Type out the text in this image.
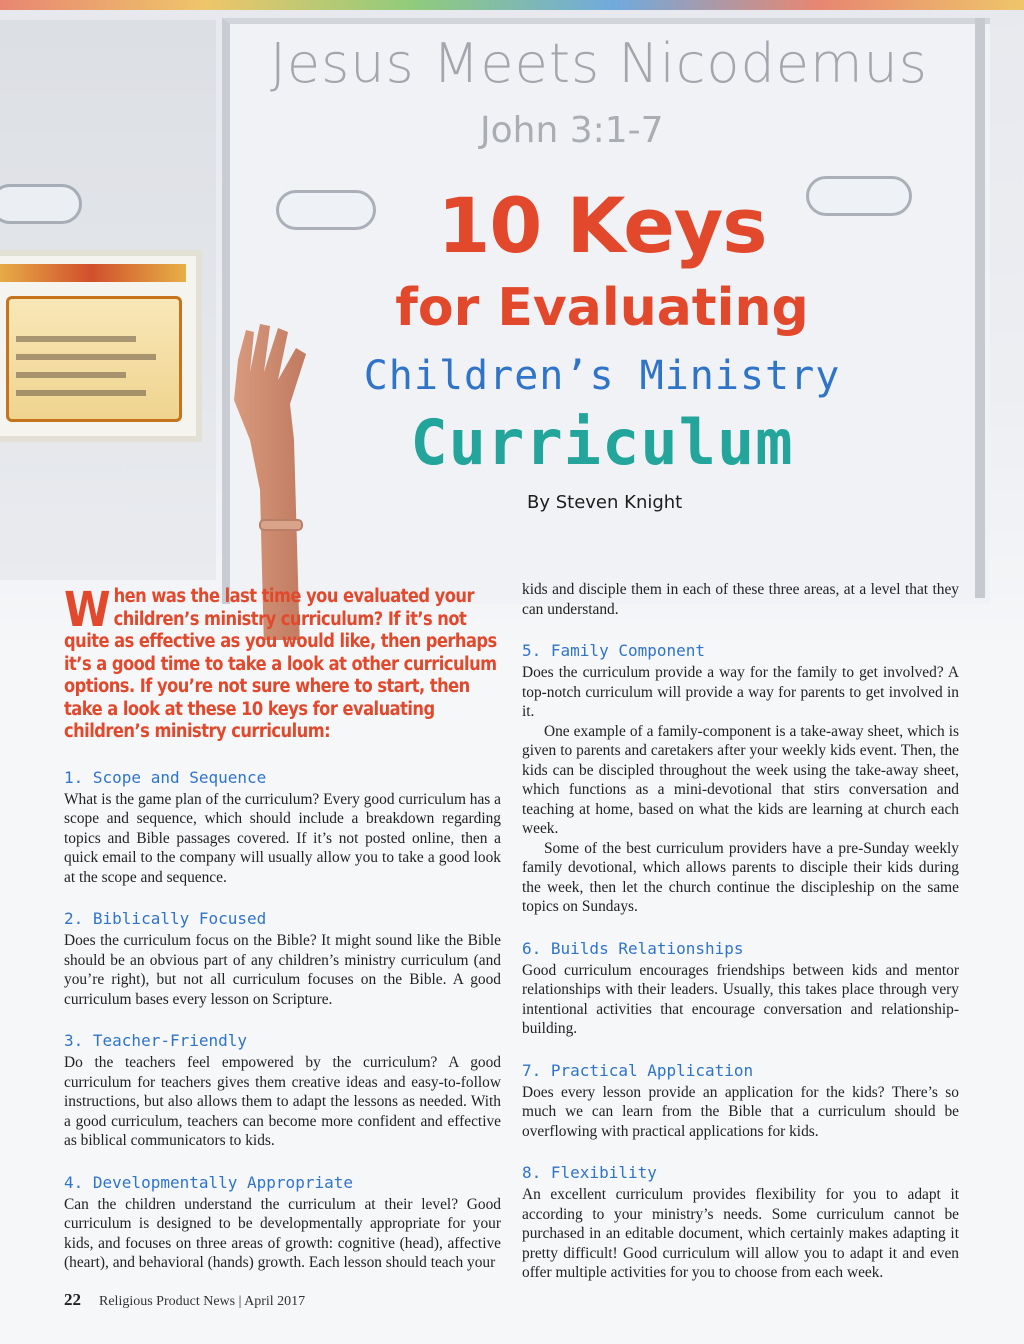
Jesus Meets Nicodemus
John 3:1-7
10 Keys
for Evaluating
Children’s Ministry
Curriculum
By Steven Knight
When was the last time you evaluated your children’s ministry curriculum? If it’s not quite as effective as you would like, then perhaps it’s a good time to take a look at other curriculum options. If you’re not sure where to start, then take a look at these 10 keys for evaluating children’s ministry curriculum:
1. Scope and Sequence

What is the game plan of the curriculum? Every good curriculum has a scope and sequence, which should include a breakdown regarding topics and Bible passages covered. If it’s not posted online, then a quick email to the company will usually allow you to take a good look at the scope and sequence.

2. Biblically Focused

Does the curriculum focus on the Bible? It might sound like the Bible should be an obvious part of any children’s ministry curriculum (and you’re right), but not all curriculum focuses on the Bible. A good curriculum bases every lesson on Scripture.

3. Teacher-Friendly

Do the teachers feel empowered by the curriculum? A good curriculum for teachers gives them creative ideas and easy-to-follow instructions, but also allows them to adapt the lessons as needed. With a good curriculum, teachers can become more confident and effective as biblical communicators to kids.

4. Developmentally Appropriate

Can the children understand the curriculum at their level? Good curriculum is designed to be developmentally appropriate for your kids, and focuses on three areas of growth: cognitive (head), affective (heart), and behavioral (hands) growth. Each lesson should teach your

kids and disciple them in each of these three areas, at a level that they can understand.

5. Family Component

Does the curriculum provide a way for the family to get involved? A top-notch curriculum will provide a way for parents to get involved in it.

One example of a family-component is a take-away sheet, which is given to parents and caretakers after your weekly kids event. Then, the kids can be discipled throughout the week using the take-away sheet, which functions as a mini-devotional that stirs conversation and teaching at home, based on what the kids are learning at church each week.

Some of the best curriculum providers have a pre-Sunday weekly family devotional, which allows parents to disciple their kids during the week, then let the church continue the discipleship on the same topics on Sundays.

6. Builds Relationships

Good curriculum encourages friendships between kids and mentor relationships with their leaders. Usually, this takes place through very intentional activities that encourage conversation and relationship-building.

7. Practical Application

Does every lesson provide an application for the kids? There’s so much we can learn from the Bible that a curriculum should be overflowing with practical applications for kids.

8. Flexibility

An excellent curriculum provides flexibility for you to adapt it according to your ministry’s needs. Some curriculum cannot be purchased in an editable document, which certainly makes adapting it pretty difficult! Good curriculum will allow you to adapt it and even offer multiple activities for you to choose from each week.

22 Religious Product News | April 2017
